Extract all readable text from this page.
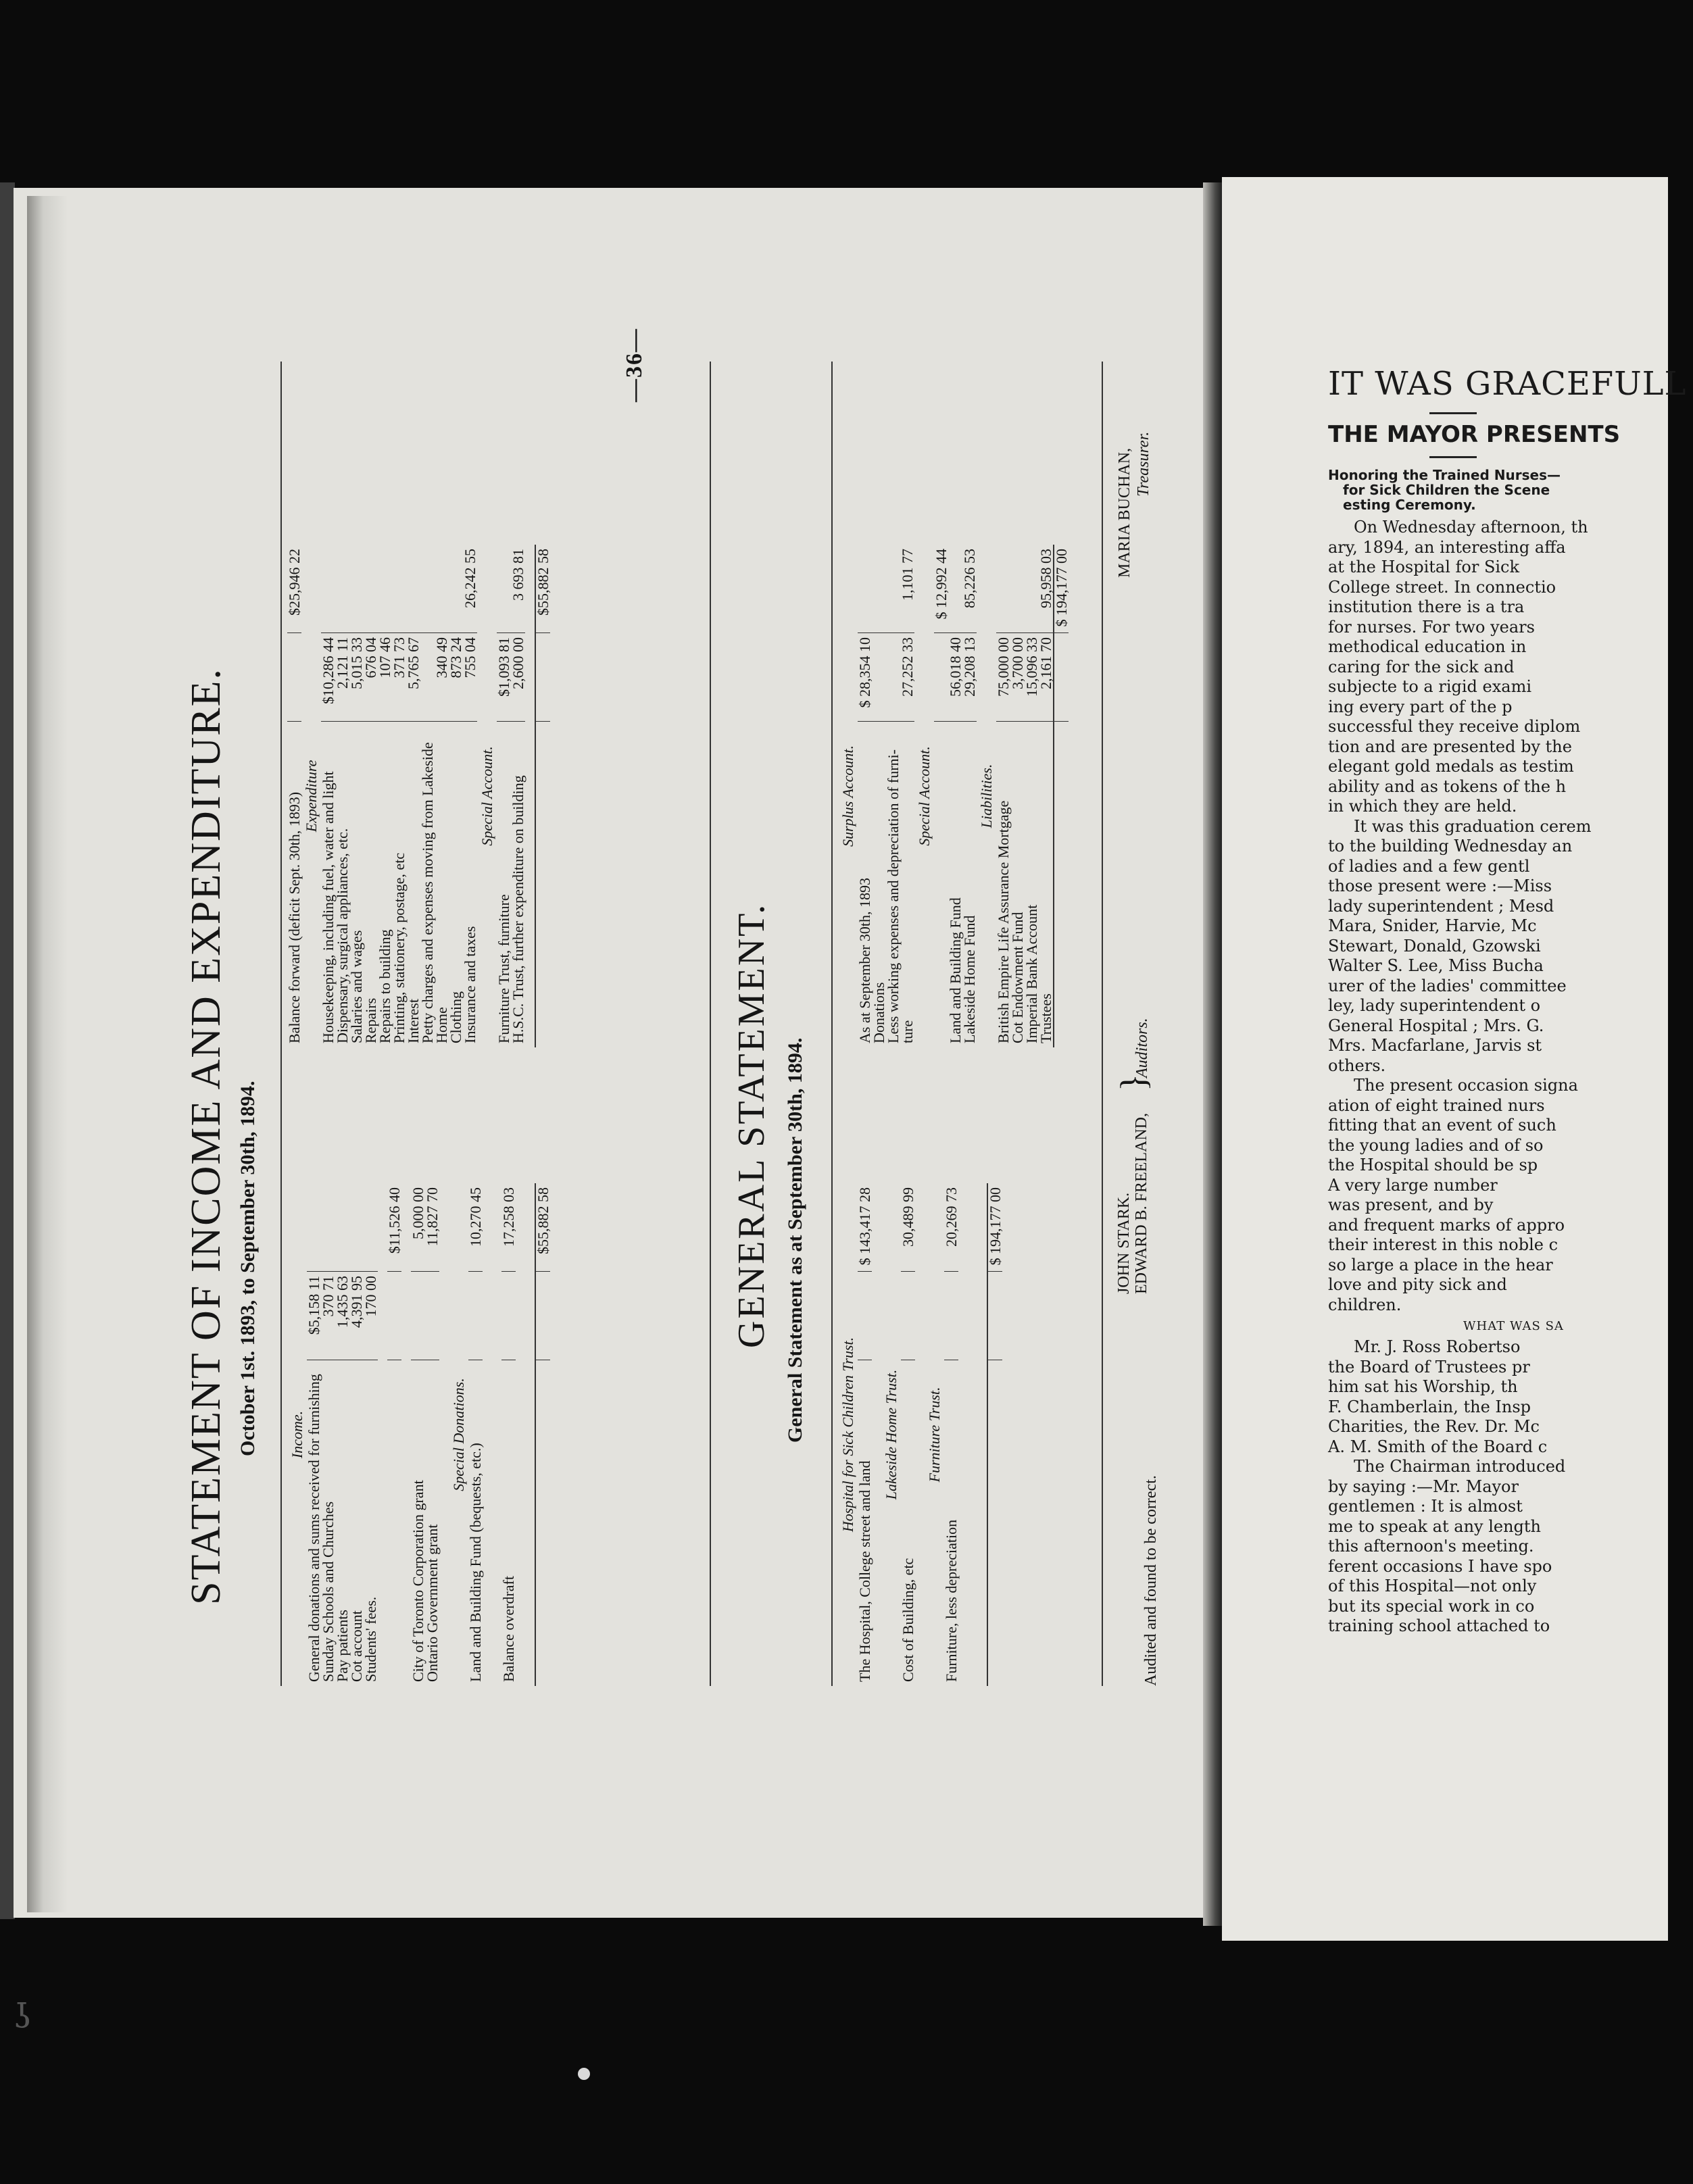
—36—
STATEMENT OF INCOME AND EXPENDITURE. October 1st. 1893, to September 30th, 1894. Income.		
General donations and sums received for furnishing	$5,158 11	
Sunday Schools and Churches	370 71	
Pay patients	1,435 63	
Cot account	4,391 95	
Students' fees.	170 00	

		$11,526 40

City of Toronto Corporation grant		5,000 00
Ontario Government grant		11,827 70

Special Donations.		
Land and Building Fund (bequests, etc.)		10,270 45

Balance overdraft		17,258 03

		$55,882 58
Balance forward (deficit Sept. 30th, 1893)		$25,946 22
Expenditure		
Housekeeping, including fuel, water and light	$10,286 44	
Dispensary, surgical appliances, etc.	2,121 11	
Salaries and wages	5,015 33	
Repairs	676 04	
Repairs to building	107 46	
Printing, stationery, postage, etc	371 73	
Interest	5,765 67	
Petty charges and expenses moving from Lakeside		
Home	340 49	
Clothing	873 24	
Insurance and taxes	755 04	26,242 55
Special Account.		
Furniture Trust, furniture	$1,093 81	
H.S.C. Trust, further expenditure on building	2,600 00	3 693 81

		$55,882 58
GENERAL STATEMENT. General Statement as at September 30th, 1894. Hospital for Sick Children Trust.		
The Hospital, College street and land		$ 143,417 28

Lakeside Home Trust.		
Cost of Building, etc		30,489 99

Furniture Trust.		
Furniture, less depreciation		20,269 73

		$ 194,177 00
Surplus Account.		
As at September 30th, 1893	$ 28,354 10	
Donations		
Less working expenses and depreciation of furni-		
ture	27,252 33	1,101 77
Special Account.		
		$ 12,992 44
Land and Building Fund	56,018 40	
Lakeside Home Fund	29,208 13	85,226 53
Liabilities.		
British Empire Life Assurance Mortgage	75,000 00	
Cot Endowment Fund	3,700 00	
Imperial Bank Account	15,096 33	
Trustees	2,161 70	95,958 03
		$ 194,177 00
Audited and found to be correct.
JOHN STARK. EDWARD B. FREELAND,
}
Auditors.
MARIA BUCHAN, Treasurer.
IT WAS GRACEFULL
THE MAYOR PRESENTS
Honoring the Trained Nurses—
for Sick Children the Scene
esting Ceremony.
On Wednesday afternoon, th
ary, 1894, an interesting affa
at the Hospital for Sick
College street. In connectio
institution there is a tra
for nurses. For two years
methodical education in
caring for the sick and
subjecte to a rigid exami
ing every part of the p
successful they receive diplom
tion and are presented by the
elegant gold medals as testim
ability and as tokens of the h
in which they are held.
It was this graduation cerem
to the building Wednesday an
of ladies and a few gentl
those present were :—Miss
lady superintendent ; Mesd
Mara, Snider, Harvie, Mc
Stewart, Donald, Gzowski
Walter S. Lee, Miss Bucha
urer of the ladies' committee
ley, lady superintendent o
General Hospital ; Mrs. G.
Mrs. Macfarlane, Jarvis st
others.
The present occasion signa
ation of eight trained nurs
fitting that an event of such
the young ladies and of so
the Hospital should be sp
A very large number
was present, and by
and frequent marks of appro
their interest in this noble c
so large a place in the hear
love and pity sick and
children.
WHAT WAS SA
Mr. J. Ross Robertso
the Board of Trustees pr
him sat his Worship, th
F. Chamberlain, the Insp
Charities, the Rev. Dr. Mc
A. M. Smith of the Board c
The Chairman introduced
by saying :—Mr. Mayor
gentlemen : It is almost
me to speak at any length
this afternoon's meeting.
ferent occasions I have spo
of this Hospital—not only
but its special work in co
training school attached to
ʖ
